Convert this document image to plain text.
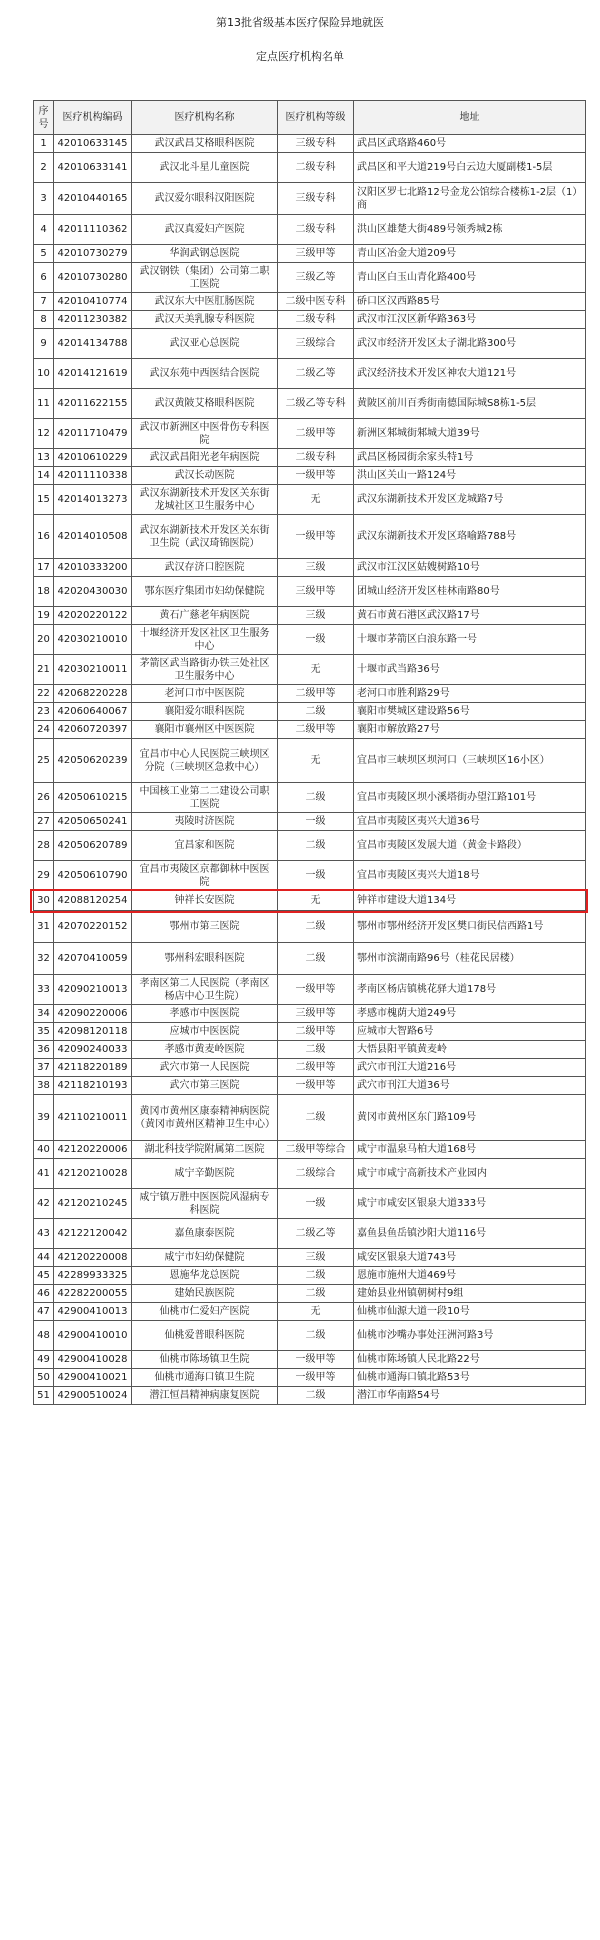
第13批省级基本医疗保险异地就医
定点医疗机构名单
序号	医疗机构编码	医疗机构名称	医疗机构等级	地址
1	42010633145	武汉武昌艾格眼科医院	三级专科	武昌区武珞路460号
2	42010633141	武汉北斗星儿童医院	二级专科	武昌区和平大道219号白云边大厦副楼1-5层
3	42010440165	武汉爱尔眼科汉阳医院	三级专科	汉阳区罗七北路12号金龙公馆综合楼栋1-2层（1）商
4	42011110362	武汉真爱妇产医院	二级专科	洪山区雄楚大街489号领秀城2栋
5	42010730279	华润武钢总医院	三级甲等	青山区冶金大道209号
6	42010730280	武汉钢铁（集团）公司第二职工医院	三级乙等	青山区白玉山青化路400号
7	42010410774	武汉东大中医肛肠医院	二级中医专科	硚口区汉西路85号
8	42011230382	武汉天美乳腺专科医院	二级专科	武汉市江汉区新华路363号
9	42014134788	武汉亚心总医院	三级综合	武汉市经济开发区太子湖北路300号
10	42014121619	武汉东苑中西医结合医院	二级乙等	武汉经济技术开发区神农大道121号
11	42011622155	武汉黄陂艾格眼科医院	二级乙等专科	黄陂区前川百秀街南德国际城S8栋1-5层
12	42011710479	武汉市新洲区中医骨伤专科医院	二级甲等	新洲区邾城街邾城大道39号
13	42010610229	武汉武昌阳光老年病医院	二级专科	武昌区杨园街余家头特1号
14	42011110338	武汉长动医院	一级甲等	洪山区关山一路124号
15	42014013273	武汉东湖新技术开发区关东街龙城社区卫生服务中心	无	武汉东湖新技术开发区龙城路7号
16	42014010508	武汉东湖新技术开发区关东街卫生院（武汉琦锦医院）	一级甲等	武汉东湖新技术开发区珞喻路788号
17	42010333200	武汉存济口腔医院	三级	武汉市江汉区姑嫂树路10号
18	42020430030	鄂东医疗集团市妇幼保健院	三级甲等	团城山经济开发区桂林南路80号
19	42020220122	黄石广慈老年病医院	三级	黄石市黄石港区武汉路17号
20	42030210010	十堰经济开发区社区卫生服务中心	一级	十堰市茅箭区白浪东路一号
21	42030210011	茅箭区武当路街办铁三处社区卫生服务中心	无	十堰市武当路36号
22	42068220228	老河口市中医医院	二级甲等	老河口市胜利路29号
23	42060640067	襄阳爱尔眼科医院	二级	襄阳市樊城区建设路56号
24	42060720397	襄阳市襄州区中医医院	二级甲等	襄阳市解放路27号
25	42050620239	宜昌市中心人民医院三峡坝区分院（三峡坝区急救中心）	无	宜昌市三峡坝区坝河口（三峡坝区16小区）
26	42050610215	中国核工业第二二建设公司职工医院	二级	宜昌市夷陵区坝小溪塔街办望江路101号
27	42050650241	夷陵时济医院	一级	宜昌市夷陵区夷兴大道36号
28	42050620789	宜昌家和医院	二级	宜昌市夷陵区发展大道（黄金卡路段）
29	42050610790	宜昌市夷陵区京都御林中医医院	一级	宜昌市夷陵区夷兴大道18号
30	42088120254	钟祥长安医院	无	钟祥市建设大道134号
31	42070220152	鄂州市第三医院	二级	鄂州市鄂州经济开发区樊口街民信西路1号
32	42070410059	鄂州科宏眼科医院	二级	鄂州市滨湖南路96号（桂花民居楼）
33	42090210013	孝南区第二人民医院（孝南区杨店中心卫生院）	一级甲等	孝南区杨店镇桃花驿大道178号
34	42090220006	孝感市中医医院	三级甲等	孝感市槐荫大道249号
35	42098120118	应城市中医医院	二级甲等	应城市大智路6号
36	42090240033	孝感市黄麦岭医院	二级	大悟县阳平镇黄麦岭
37	42118220189	武穴市第一人民医院	二级甲等	武穴市刊江大道216号
38	42118210193	武穴市第三医院	一级甲等	武穴市刊江大道36号
39	42110210011	黄冈市黄州区康泰精神病医院（黄冈市黄州区精神卫生中心）	二级	黄冈市黄州区东门路109号
40	42120220006	湖北科技学院附属第二医院	二级甲等综合	咸宁市温泉马柏大道168号
41	42120210028	咸宁辛勤医院	二级综合	咸宁市咸宁高新技术产业园内
42	42120210245	咸宁镇万胜中医医院风湿病专科医院	一级	咸宁市咸安区银泉大道333号
43	42122120042	嘉鱼康泰医院	二级乙等	嘉鱼县鱼岳镇沙阳大道116号
44	42120220008	咸宁市妇幼保健院	三级	咸安区银泉大道743号
45	42289933325	恩施华龙总医院	二级	恩施市施州大道469号
46	42282200055	建始民族医院	二级	建始县业州镇朝树村9组
47	42900410013	仙桃市仁爱妇产医院	无	仙桃市仙源大道一段10号
48	42900410010	仙桃爱普眼科医院	二级	仙桃市沙嘴办事处汪洲河路3号
49	42900410028	仙桃市陈场镇卫生院	一级甲等	仙桃市陈场镇人民北路22号
50	42900410021	仙桃市通海口镇卫生院	一级甲等	仙桃市通海口镇北路53号
51	42900510024	潜江恒昌精神病康复医院	二级	潜江市华南路54号
